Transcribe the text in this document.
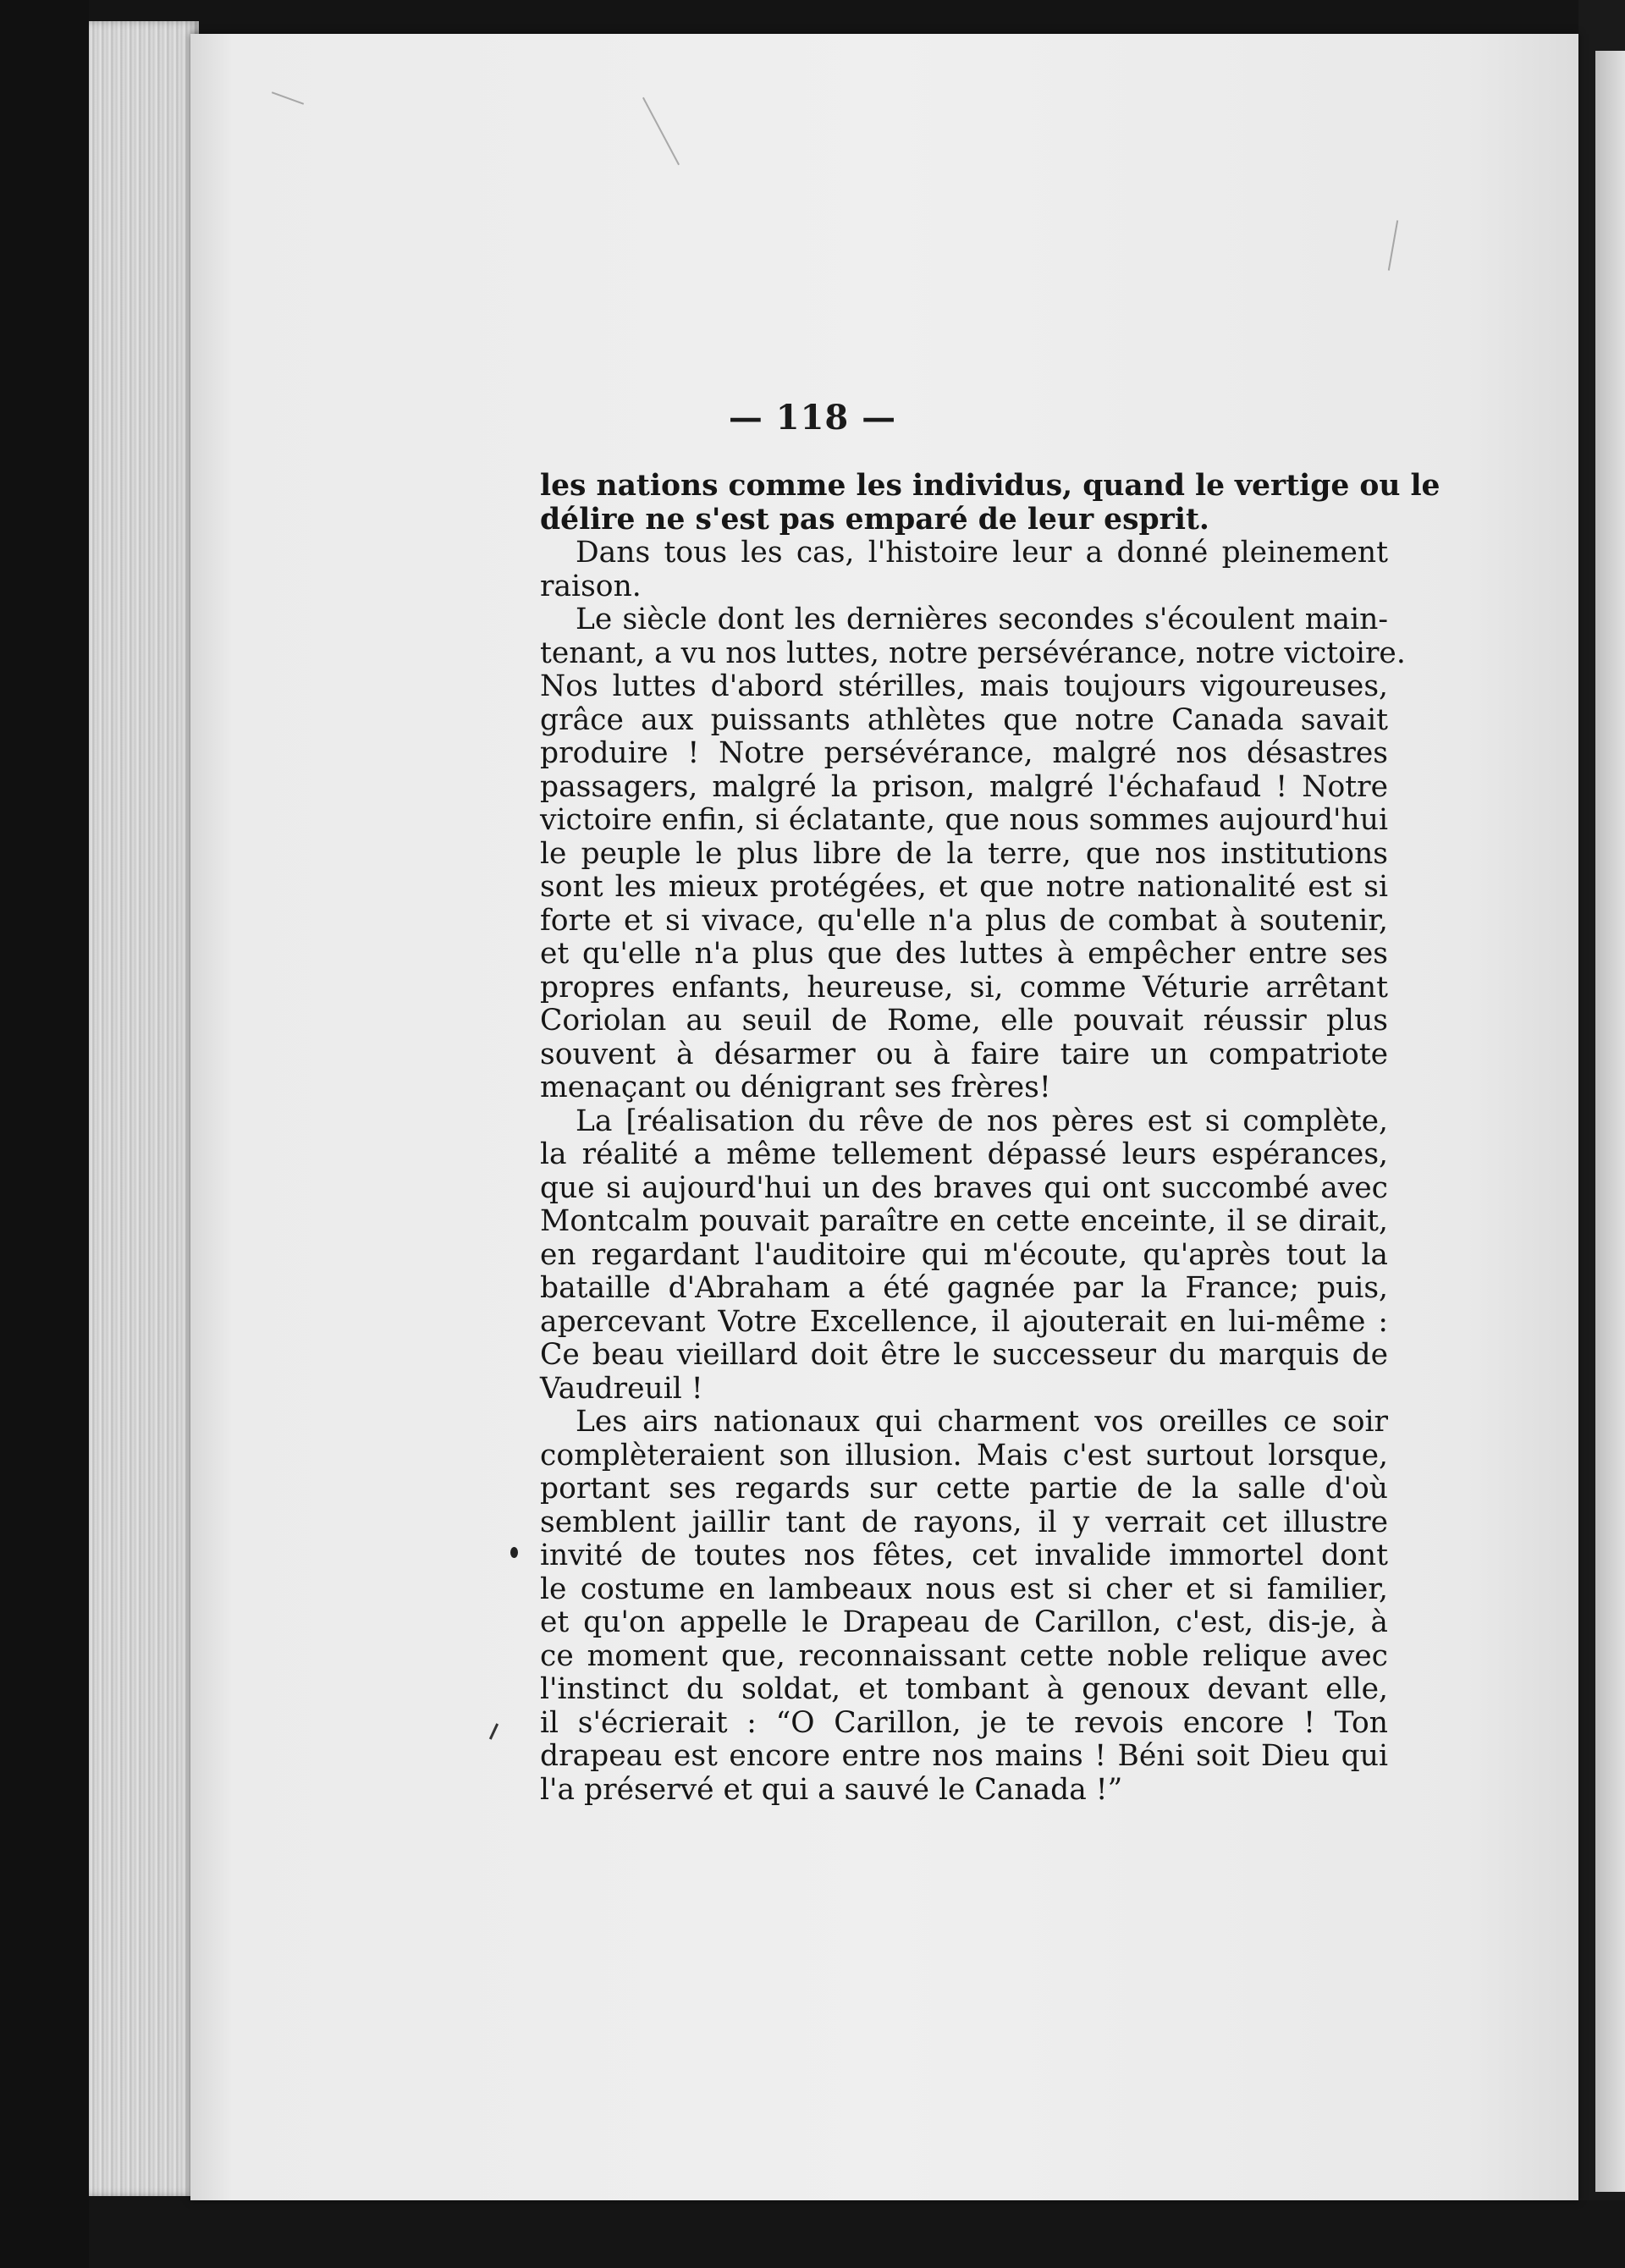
— 118 —
les nations comme les individus, quand le vertige ou le
délire ne s'est pas emparé de leur esprit.
Dans tous les cas, l'histoire leur a donné pleinement
raison.
Le siècle dont les dernières secondes s'écoulent main-
tenant, a vu nos luttes, notre persévérance, notre victoire.
Nos luttes d'abord stérilles, mais toujours vigoureuses,
grâce aux puissants athlètes que notre Canada savait
produire ! Notre persévérance, malgré nos désastres
passagers, malgré la prison, malgré l'échafaud ! Notre
victoire enfin, si éclatante, que nous sommes aujourd'hui
le peuple le plus libre de la terre, que nos institutions
sont les mieux protégées, et que notre nationalité est si
forte et si vivace, qu'elle n'a plus de combat à soutenir,
et qu'elle n'a plus que des luttes à empêcher entre ses
propres enfants, heureuse, si, comme Véturie arrêtant
Coriolan au seuil de Rome, elle pouvait réussir plus
souvent à désarmer ou à faire taire un compatriote
menaçant ou dénigrant ses frères!
La [réalisation du rêve de nos pères est si complète,
la réalité a même tellement dépassé leurs espérances,
que si aujourd'hui un des braves qui ont succombé avec
Montcalm pouvait paraître en cette enceinte, il se dirait,
en regardant l'auditoire qui m'écoute, qu'après tout la
bataille d'Abraham a été gagnée par la France; puis,
apercevant Votre Excellence, il ajouterait en lui-même :
Ce beau vieillard doit être le successeur du marquis de
Vaudreuil !
Les airs nationaux qui charment vos oreilles ce soir
complèteraient son illusion. Mais c'est surtout lorsque,
portant ses regards sur cette partie de la salle d'où
semblent jaillir tant de rayons, il y verrait cet illustre
invité de toutes nos fêtes, cet invalide immortel dont
le costume en lambeaux nous est si cher et si familier,
et qu'on appelle le Drapeau de Carillon, c'est, dis-je, à
ce moment que, reconnaissant cette noble relique avec
l'instinct du soldat, et tombant à genoux devant elle,
il s'écrierait : “O Carillon, je te revois encore ! Ton
drapeau est encore entre nos mains ! Béni soit Dieu qui
l'a préservé et qui a sauvé le Canada !”
